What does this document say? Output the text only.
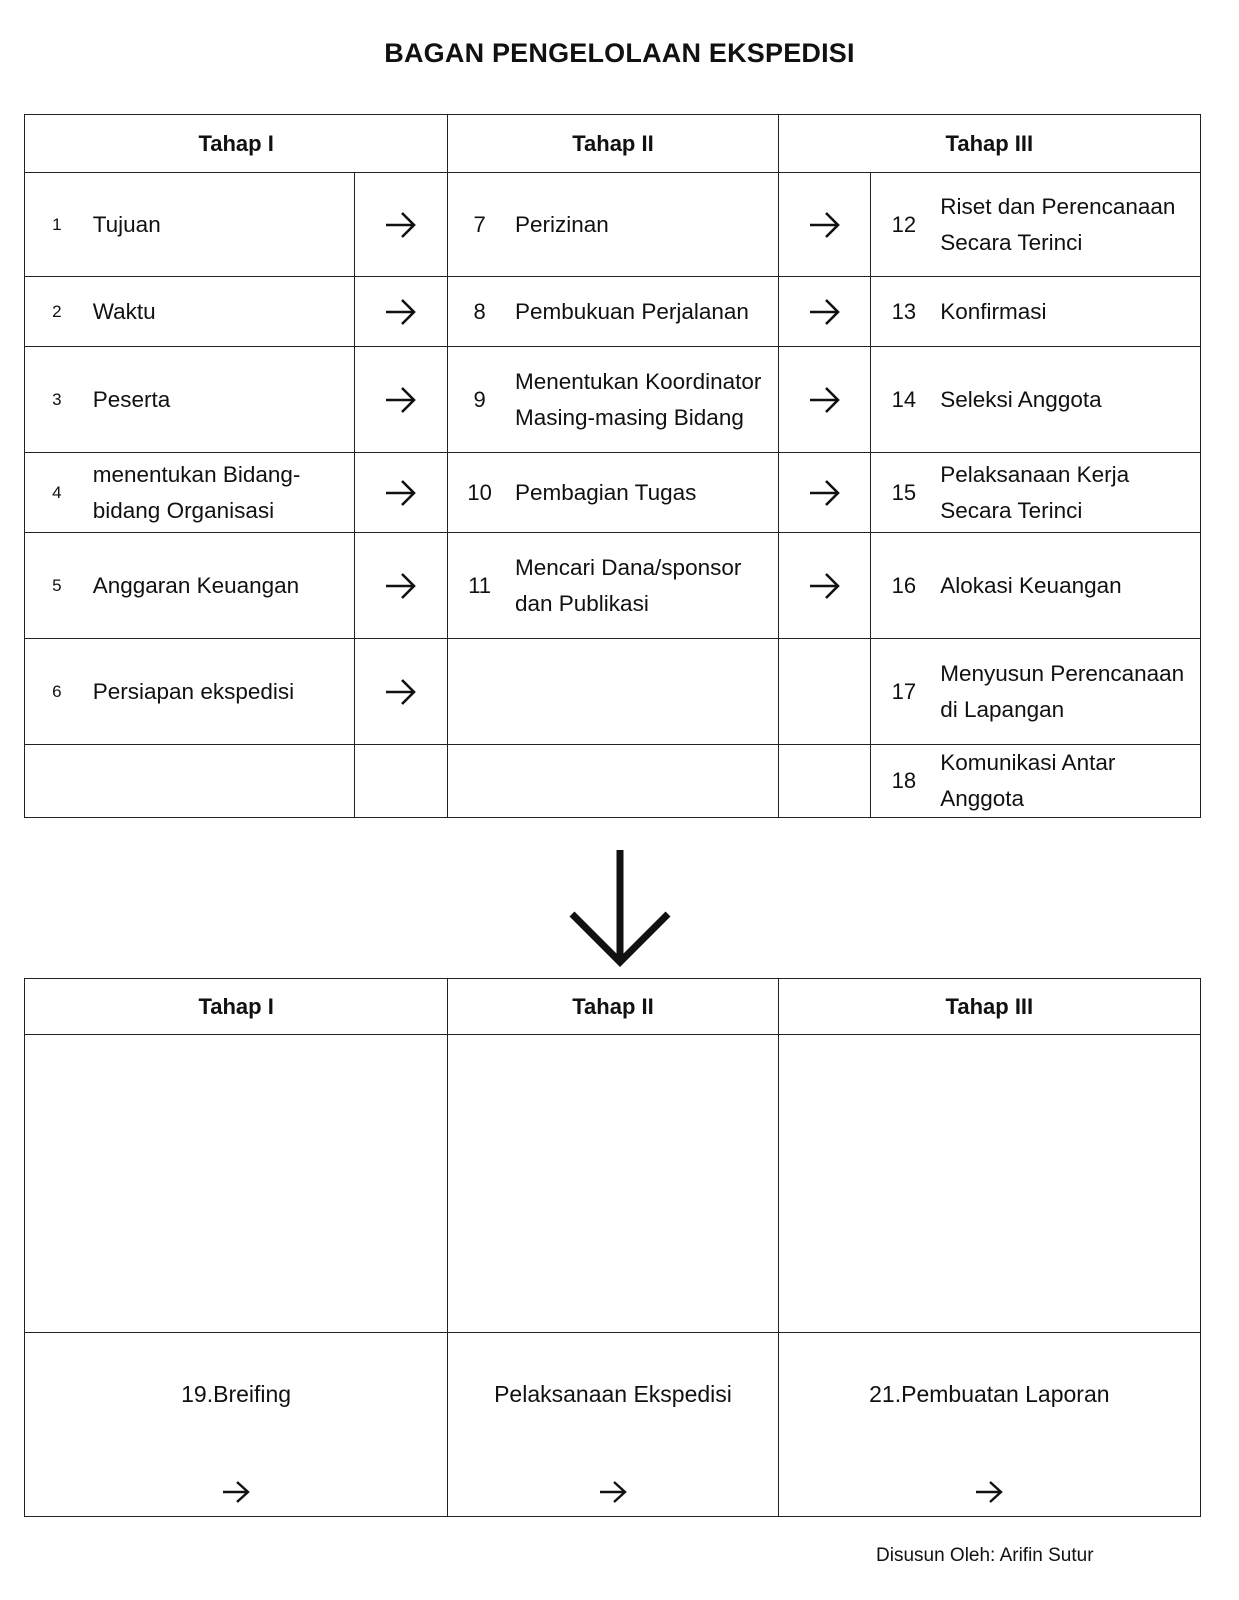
BAGAN PENGELOLAAN EKSPEDISI
Tahap I			Tahap II		Tahap III		
1	Tujuan		7	Perizinan		12	Riset dan Perencanaan Secara Terinci
2	Waktu		8	Pembukuan Perjalanan		13	Konfirmasi
3	Peserta		9	Menentukan Koordinator Masing-masing Bidang		14	Seleksi Anggota
4	menentukan Bidang-bidang Organisasi		10	Pembagian Tugas		15	Pelaksanaan Kerja Secara Terinci
5	Anggaran Keuangan		11	Mencari Dana/sponsor dan Publikasi		16	Alokasi Keuangan
6	Persiapan ekspedisi					17	Menyusun Perencanaan di Lapangan
						18	Komunikasi Antar Anggota
Tahap I	Tahap II	Tahap III

19.Breifing	Pelaksanaan Ekspedisi	21.Pembuatan Laporan
Disusun Oleh: Arifin Sutur
